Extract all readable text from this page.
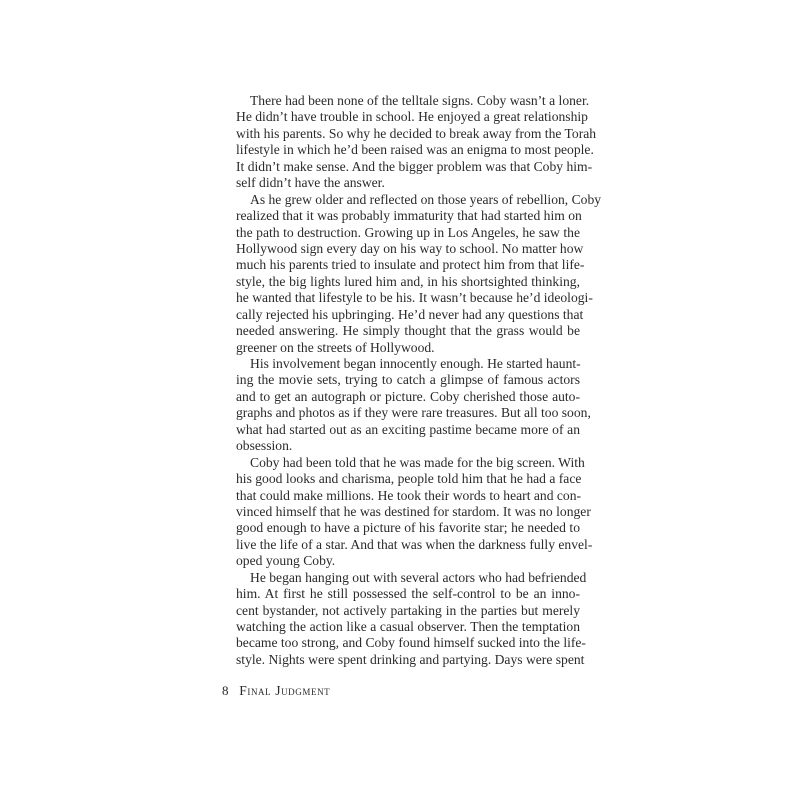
There had been none of the telltale signs. Coby wasn’t a loner.
He didn’t have trouble in school. He enjoyed a great relationship
with his parents. So why he decided to break away from the Torah
lifestyle in which he’d been raised was an enigma to most people.
It didn’t make sense. And the bigger problem was that Coby him-
self didn’t have the answer.
As he grew older and reflected on those years of rebellion, Coby
realized that it was probably immaturity that had started him on
the path to destruction. Growing up in Los Angeles, he saw the
Hollywood sign every day on his way to school. No matter how
much his parents tried to insulate and protect him from that life-
style, the big lights lured him and, in his shortsighted thinking,
he wanted that lifestyle to be his. It wasn’t because he’d ideologi-
cally rejected his upbringing. He’d never had any questions that
needed answering. He simply thought that the grass would be
greener on the streets of Hollywood.
His involvement began innocently enough. He started haunt-
ing the movie sets, trying to catch a glimpse of famous actors
and to get an autograph or picture. Coby cherished those auto-
graphs and photos as if they were rare treasures. But all too soon,
what had started out as an exciting pastime became more of an
obsession.
Coby had been told that he was made for the big screen. With
his good looks and charisma, people told him that he had a face
that could make millions. He took their words to heart and con-
vinced himself that he was destined for stardom. It was no longer
good enough to have a picture of his favorite star; he needed to
live the life of a star. And that was when the darkness fully envel-
oped young Coby.
He began hanging out with several actors who had befriended
him. At first he still possessed the self-control to be an inno-
cent bystander, not actively partaking in the parties but merely
watching the action like a casual observer. Then the temptation
became too strong, and Coby found himself sucked into the life-
style. Nights were spent drinking and partying. Days were spent
8 Final Judgment
